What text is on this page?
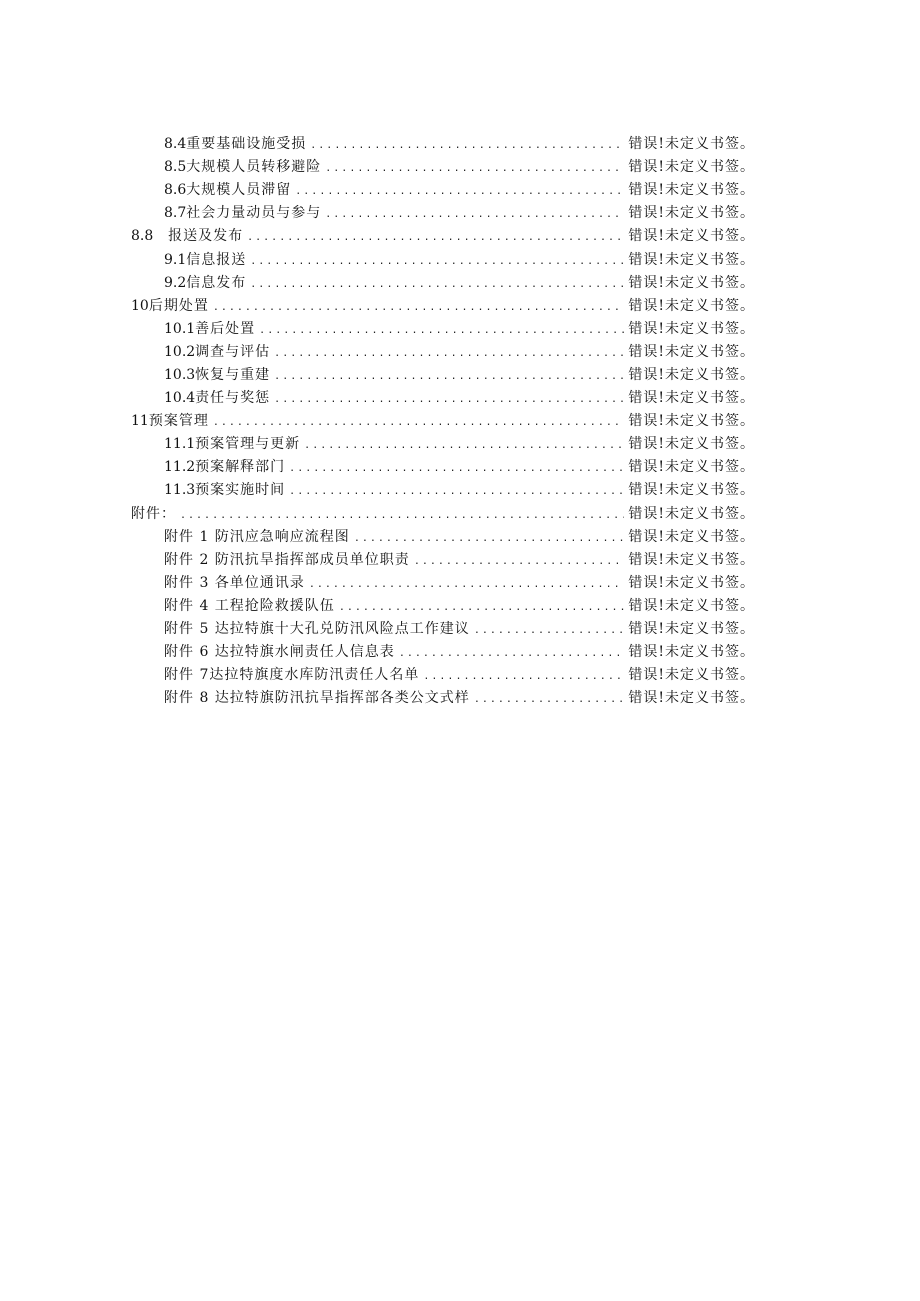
8.4 重要基础设施受损 .....	错误!未定义书签。
8.5 大规模人员转移避险 .....	错误!未定义书签。
8.6 大规模人员滞留 .....	错误!未定义书签。
8.7 社会力量动员与参与 .....	错误!未定义书签。
8.8 报送及发布 .....	错误!未定义书签。
9.1 信息报送 .....	错误!未定义书签。
9.2 信息发布 .....	错误!未定义书签。
10 后期处置 .....	错误!未定义书签。
10.1 善后处置 .....	错误!未定义书签。
10.2 调查与评估 .....	错误!未定义书签。
10.3 恢复与重建 .....	错误!未定义书签。
10.4 责任与奖惩 .....	错误!未定义书签。
11 预案管理 .....	错误!未定义书签。
11.1 预案管理与更新 .....	错误!未定义书签。
11.2 预案解释部门 .....	错误!未定义书签。
11.3 预案实施时间 .....	错误!未定义书签。
附件： .....	错误!未定义书签。
附件 1 防汛应急响应流程图 .....	错误!未定义书签。
附件 2 防汛抗旱指挥部成员单位职责 .....	错误!未定义书签。
附件 3 各单位通讯录 .....	错误!未定义书签。
附件 4 工程抢险救援队伍 .....	错误!未定义书签。
附件 5 达拉特旗十大孔兑防汛风险点工作建议 .....	错误!未定义书签。
附件 6 达拉特旗水闸责任人信息表 .....	错误!未定义书签。
附件 7达拉特旗度水库防汛责任人名单 .....	错误!未定义书签。
附件 8 达拉特旗防汛抗旱指挥部各类公文式样 .....	错误!未定义书签。
